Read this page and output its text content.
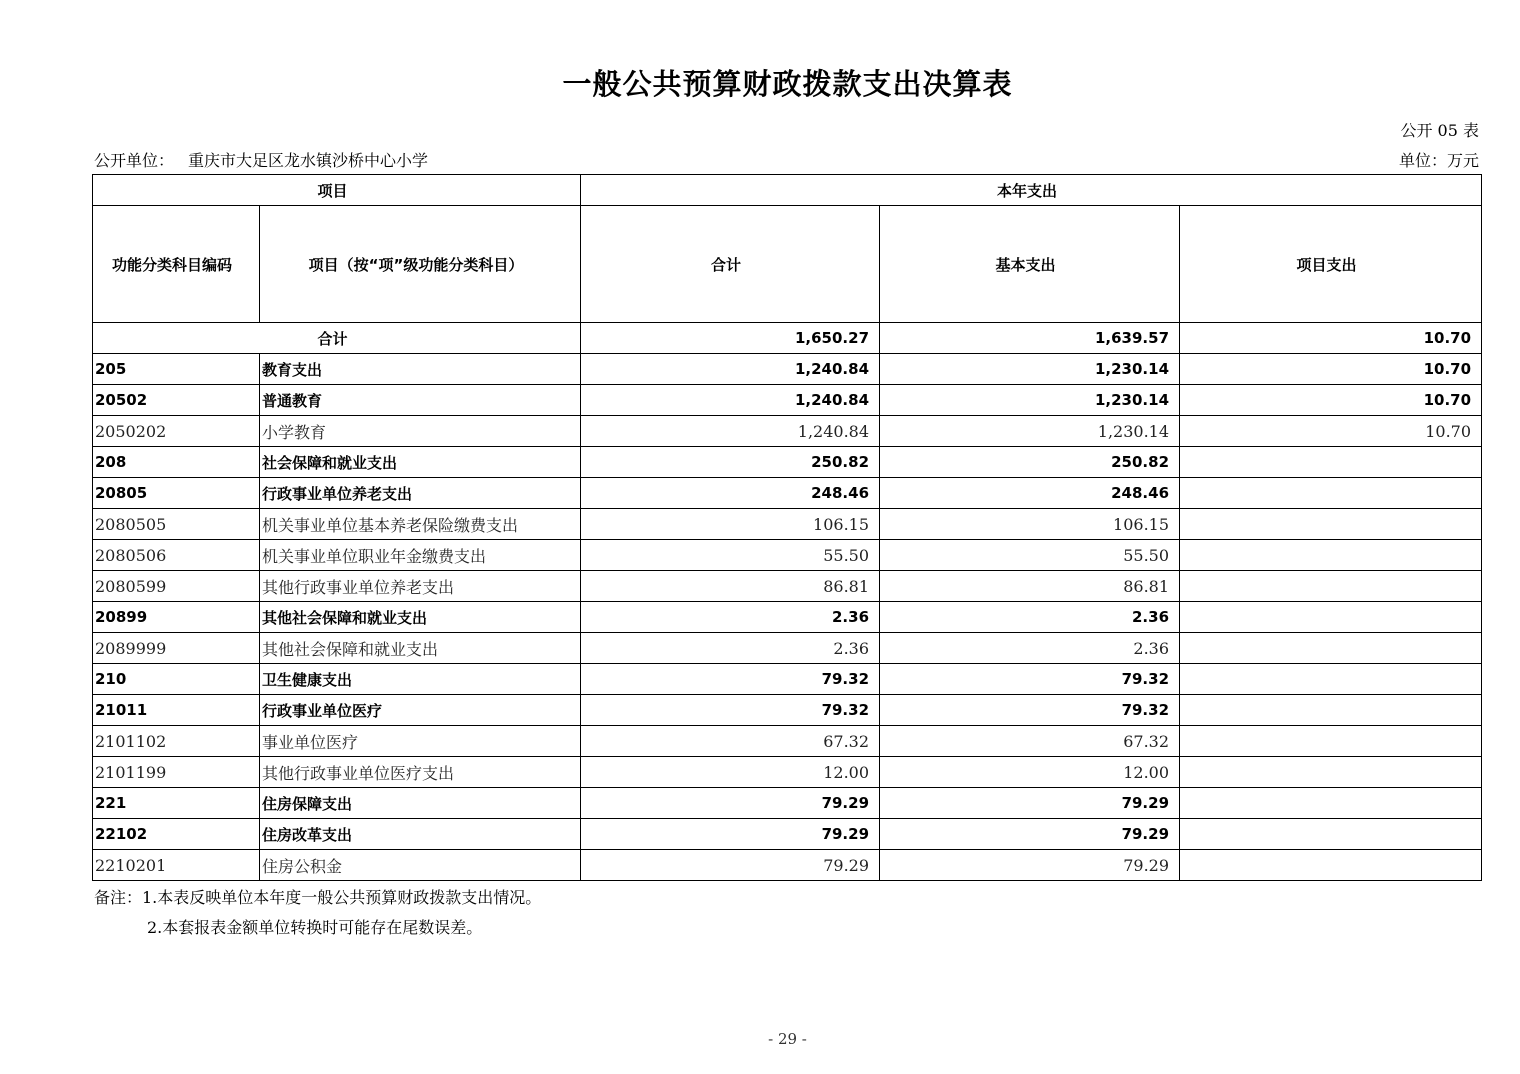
一般公共预算财政拨款支出决算表
公开 05 表
公开单位： 重庆市大足区龙水镇沙桥中心小学	单位：万元
项目		本年支出		
功能分类科目编码	项目（按“项”级功能分类科目）	合计	基本支出	项目支出
合计		1,650.27	1,639.57	10.70
205	教育支出	1,240.84	1,230.14	10.70
20502	普通教育	1,240.84	1,230.14	10.70
2050202	小学教育	1,240.84	1,230.14	10.70
208	社会保障和就业支出	250.82	250.82	
20805	行政事业单位养老支出	248.46	248.46	
2080505	机关事业单位基本养老保险缴费支出	106.15	106.15	
2080506	机关事业单位职业年金缴费支出	55.50	55.50	
2080599	其他行政事业单位养老支出	86.81	86.81	
20899	其他社会保障和就业支出	2.36	2.36	
2089999	其他社会保障和就业支出	2.36	2.36	
210	卫生健康支出	79.32	79.32	
21011	行政事业单位医疗	79.32	79.32	
2101102	事业单位医疗	67.32	67.32	
2101199	其他行政事业单位医疗支出	12.00	12.00	
221	住房保障支出	79.29	79.29	
22102	住房改革支出	79.29	79.29	
2210201	住房公积金	79.29	79.29	
备注：1.本表反映单位本年度一般公共预算财政拨款支出情况。
2.本套报表金额单位转换时可能存在尾数误差。
- 29 -
